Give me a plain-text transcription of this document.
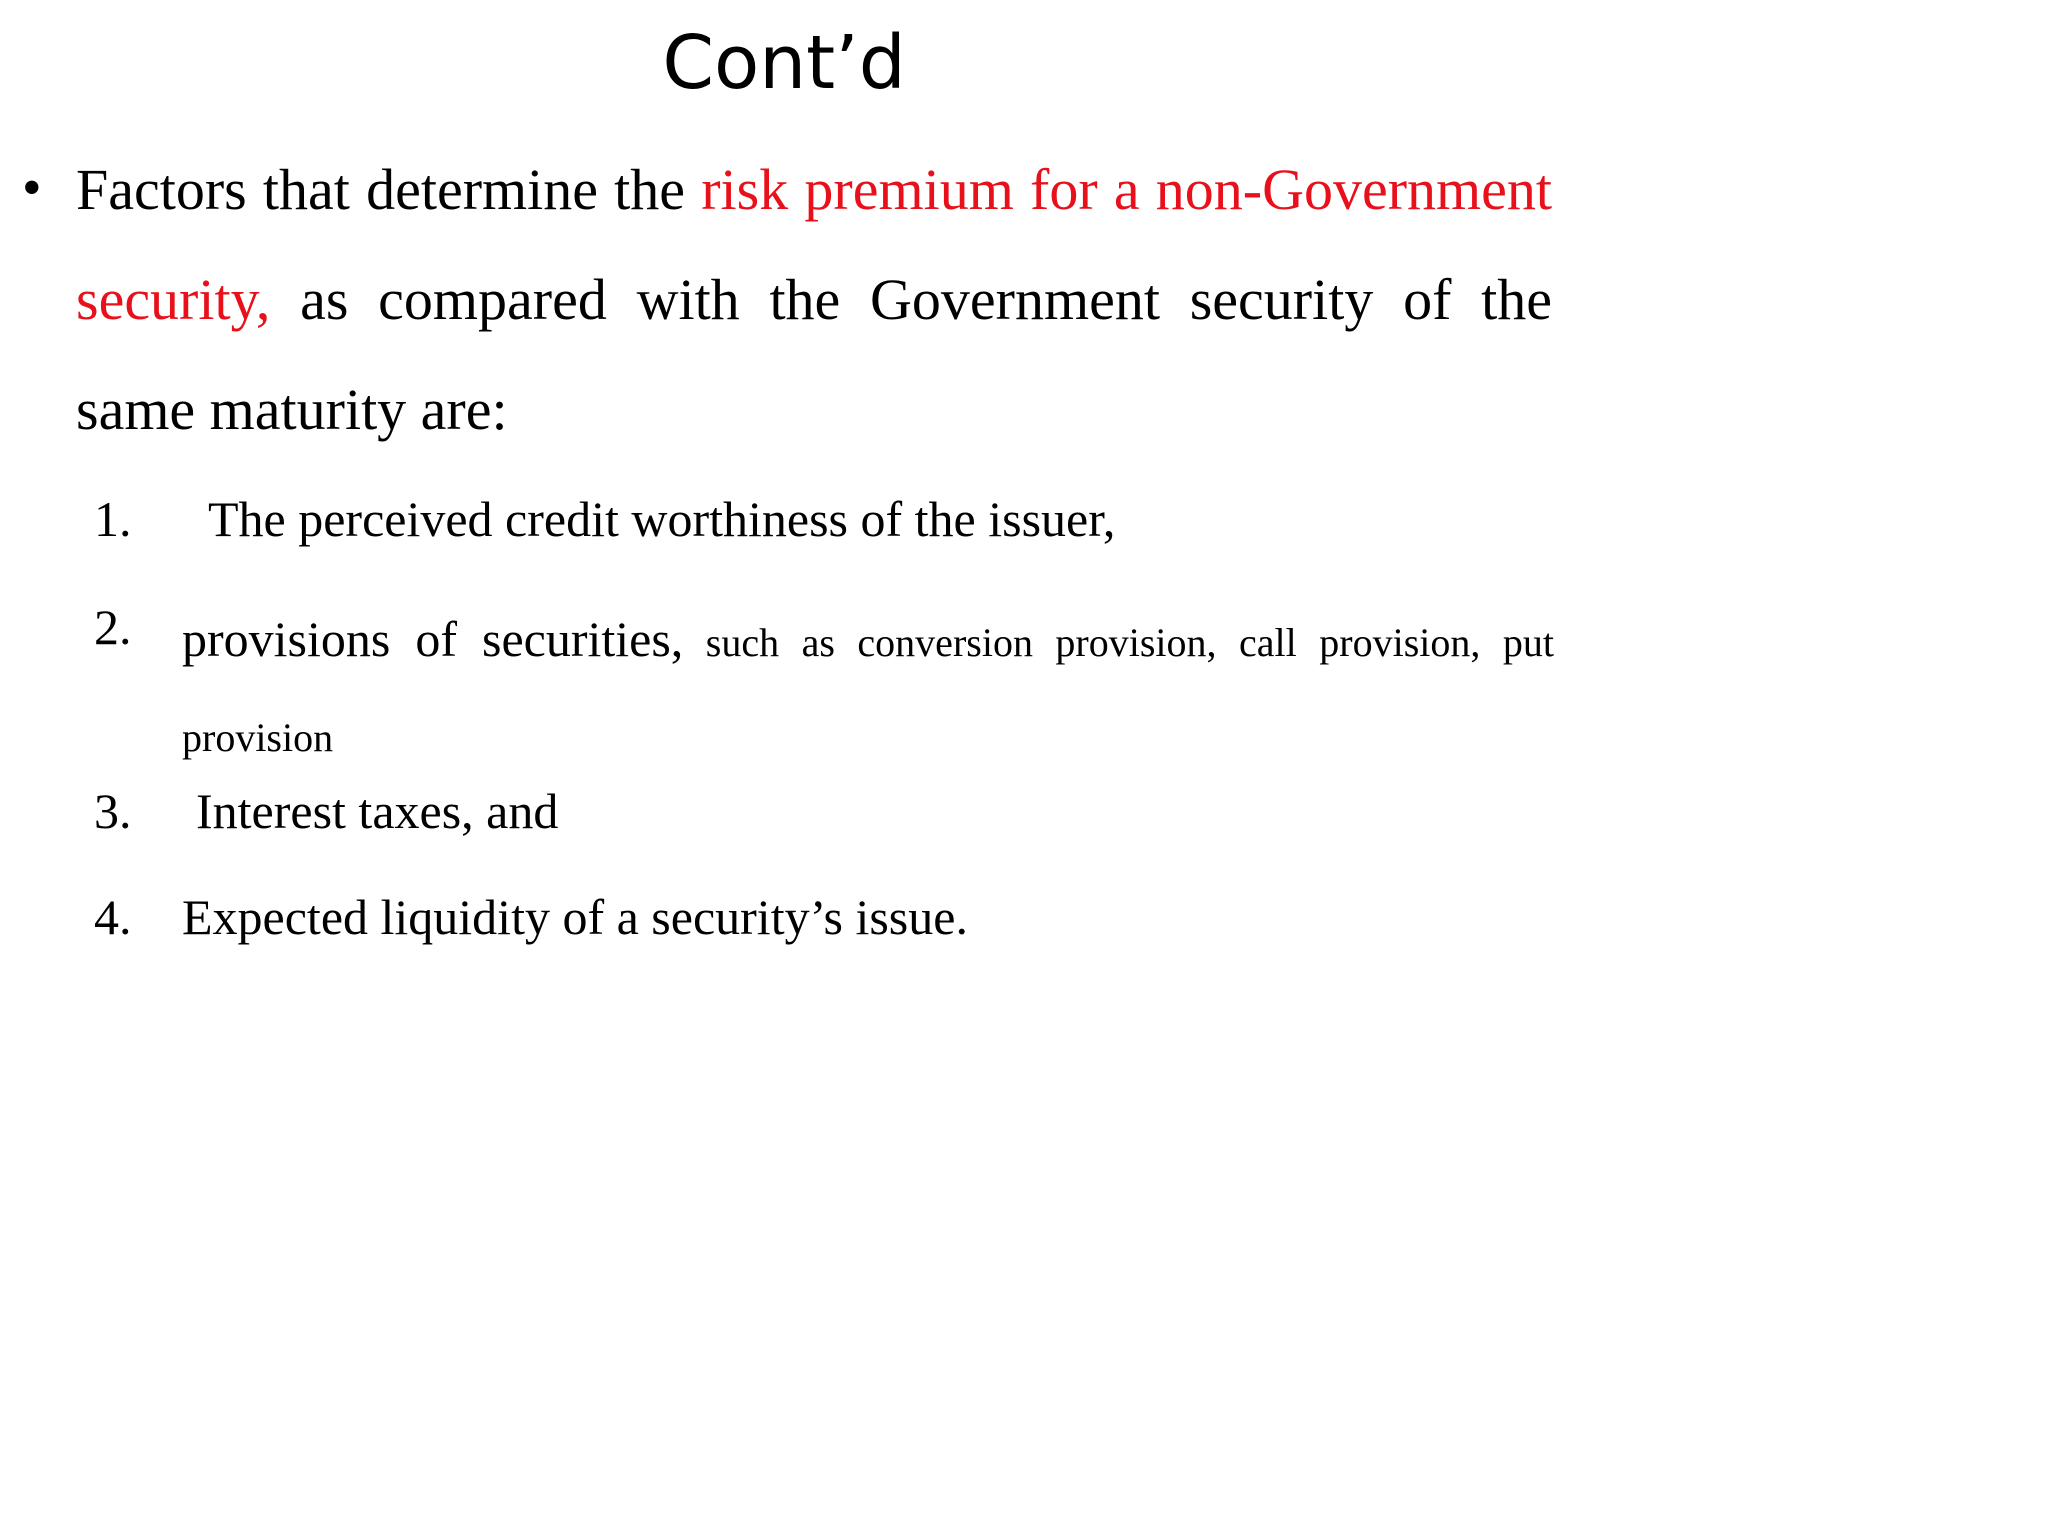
Cont’d
• Factors that determine the risk premium for a non-Government security, as compared with the Government security of the same maturity are:
1. The perceived credit worthiness of the issuer,
2. provisions of securities, such as conversion provision, call provision, put provision
3. Interest taxes, and
4. Expected liquidity of a security’s issue.
